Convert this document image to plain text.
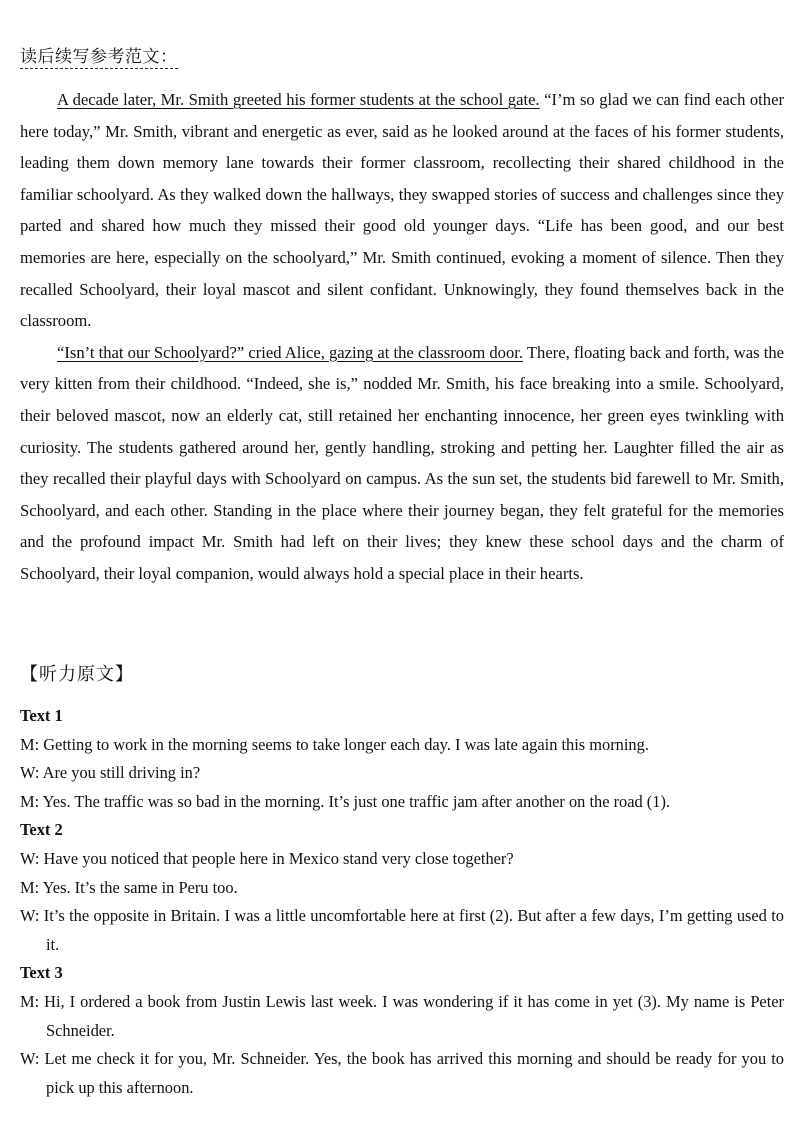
读后续写参考范文：

A decade later, Mr. Smith greeted his former students at the school gate. “I’m so glad we can find each other here today,” Mr. Smith, vibrant and energetic as ever, said as he looked around at the faces of his former students, leading them down memory lane towards their former classroom, recollecting their shared childhood in the familiar schoolyard. As they walked down the hallways, they swapped stories of success and challenges since they parted and shared how much they missed their good old younger days. “Life has been good, and our best memories are here, especially on the schoolyard,” Mr. Smith continued, evoking a moment of silence. Then they recalled Schoolyard, their loyal mascot and silent confidant. Unknowingly, they found themselves back in the classroom.

“Isn’t that our Schoolyard?” cried Alice, gazing at the classroom door. There, floating back and forth, was the very kitten from their childhood. “Indeed, she is,” nodded Mr. Smith, his face breaking into a smile. Schoolyard, their beloved mascot, now an elderly cat, still retained her enchanting innocence, her green eyes twinkling with curiosity. The students gathered around her, gently handling, stroking and petting her. Laughter filled the air as they recalled their playful days with Schoolyard on campus. As the sun set, the students bid farewell to Mr. Smith, Schoolyard, and each other. Standing in the place where their journey began, they felt grateful for the memories and the profound impact Mr. Smith had left on their lives; they knew these school days and the charm of Schoolyard, their loyal companion, would always hold a special place in their hearts.

【听力原文】

Text 1

M: Getting to work in the morning seems to take longer each day. I was late again this morning.

W: Are you still driving in?

M: Yes. The traffic was so bad in the morning. It’s just one traffic jam after another on the road (1).

Text 2

W: Have you noticed that people here in Mexico stand very close together?

M: Yes. It’s the same in Peru too.

W: It’s the opposite in Britain. I was a little uncomfortable here at first (2). But after a few days, I’m getting used to it.

Text 3

M: Hi, I ordered a book from Justin Lewis last week. I was wondering if it has come in yet (3). My name is Peter Schneider.

W: Let me check it for you, Mr. Schneider. Yes, the book has arrived this morning and should be ready for you to pick up this afternoon.
